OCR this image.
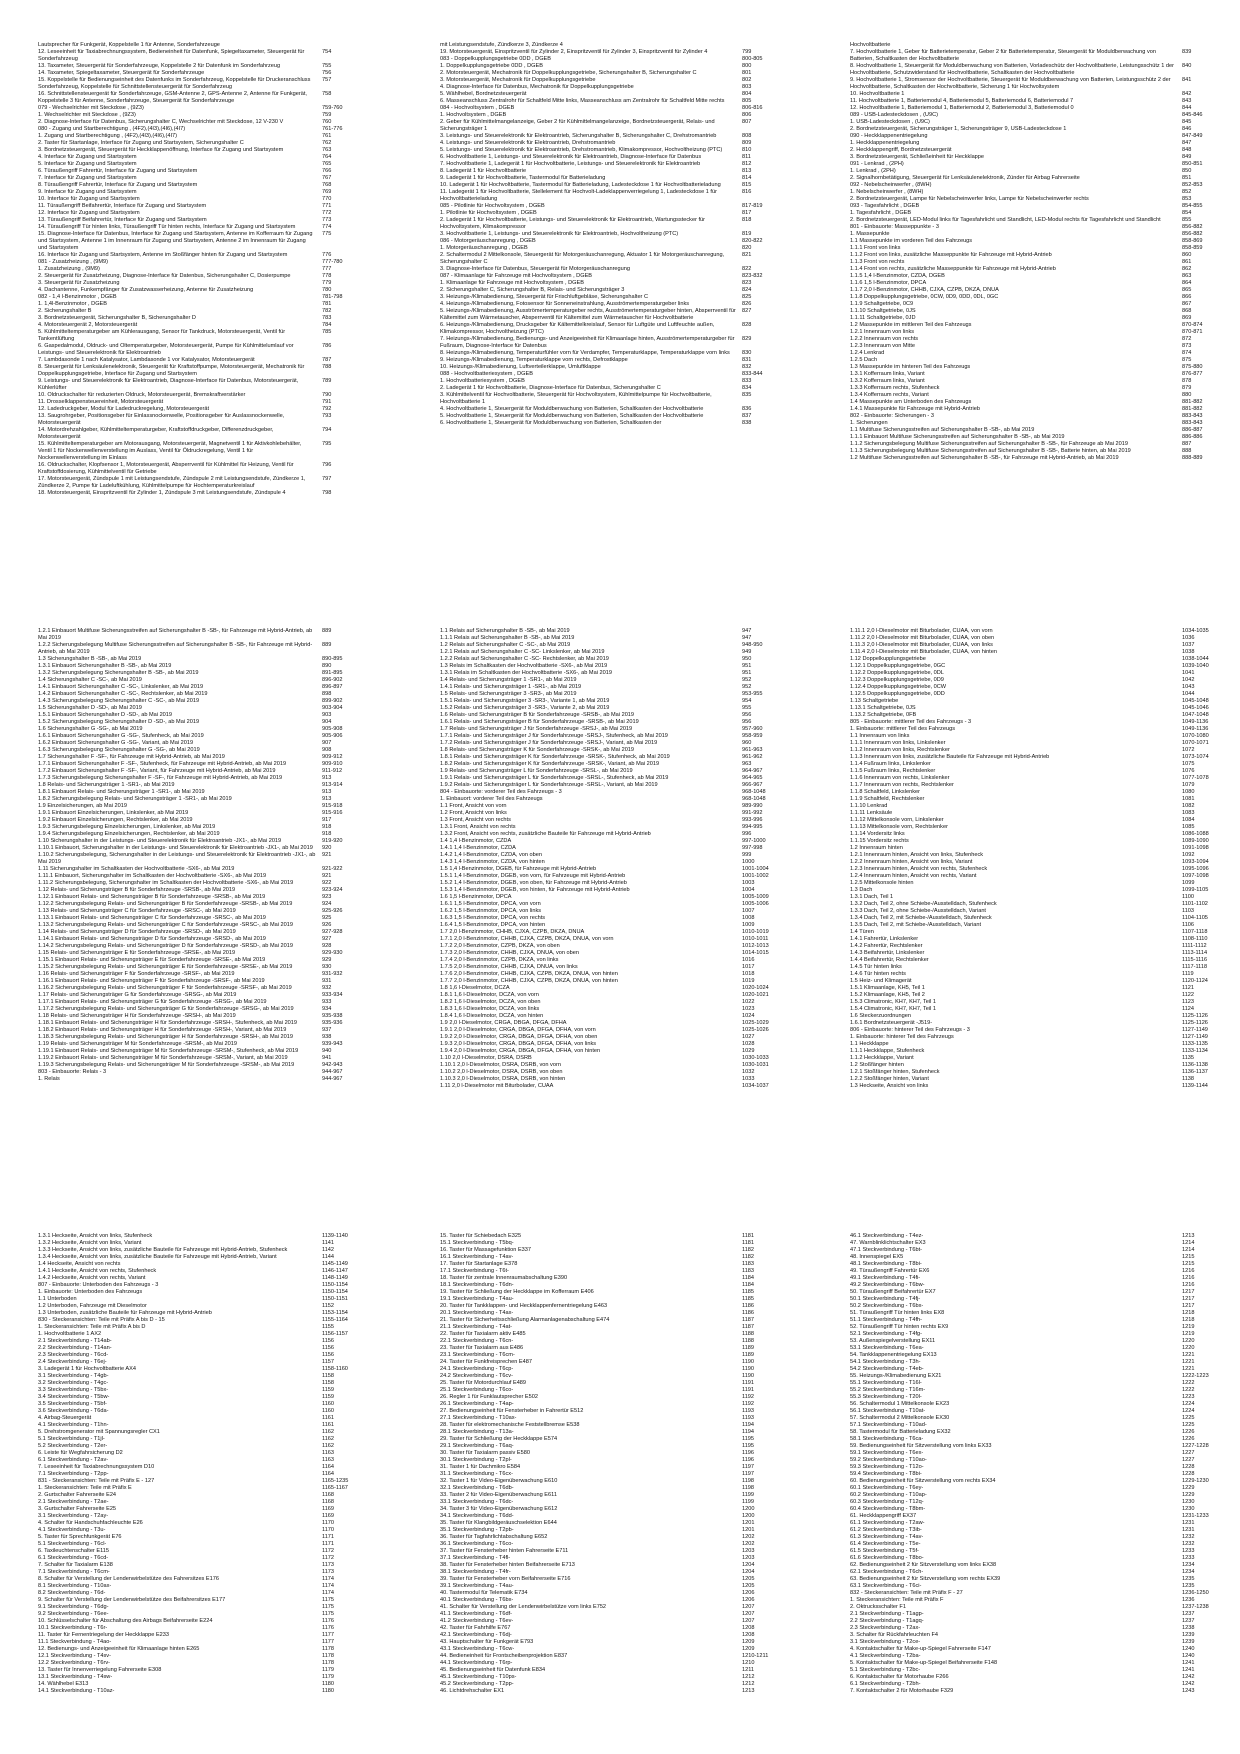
Lautsprecher für Funkgerät, Koppelstelle 1 für Antenne, Sonderfahrzeuge
12. Leseeinheit für Taxiabrechnungssystem, Bedieneinheit für Datenfunk, Spiegeltaxameter, Steuergerät für Sonderfahrzeug
754
13. Taxameter, Steuergerät für Sonderfahrzeuge, Koppelstelle 2 für Datenfunk im Sonderfahrzeug	755
14. Taxameter, Spiegeltaxameter, Steuergerät für Sonderfahrzeuge	756
15. Koppelstelle für Bedienungseinheit des Datenfunks im Sonderfahrzeug, Koppelstelle für Druckeranschluss Sonderfahrzeug, Koppelstelle für Schnittstellensteuergerät für Sonderfahrzeug
757
16. Schnittstellensteuergerät für Sonderfahrzeuge, GSM-Antenne 2, GPS-Antenne 2, Antenne für Funkgerät, Koppelstelle 3 für Antenne, Sonderfahrzeuge, Steuergerät für Sonderfahrzeuge
758
079 - Wechselrichter mit Steckdose , (9Z3)	759-760
1. Wechselrichter mit Steckdose , (9Z3)	759
2. Diagnose-Interface für Datenbus, Sicherungshalter C, Wechselrichter mit Steckdose, 12 V-230 V	760
080 - Zugang und Startberechtigung , (4F2),(4I3),(4I6),(4I7)	761-776
1. Zugang und Startberechtigung , (4F2),(4I3),(4I6),(4I7)	761
2. Taster für Startanlage, Interface für Zugang und Startsystem, Sicherungshalter C	762
3. Bordnetzsteuergerät, Steuergerät für Heckklappenöffnung, Interface für Zugang und Startsystem	763
4. Interface für Zugang und Startsystem	764
5. Interface für Zugang und Startsystem	765
6. Türaußengriff Fahrertür, Interface für Zugang und Startsystem	766
7. Interface für Zugang und Startsystem	767
8. Türaußengriff Fahrertür, Interface für Zugang und Startsystem	768
9. Interface für Zugang und Startsystem	769
10. Interface für Zugang und Startsystem	770
11. Türaußengriff Beifahrertür, Interface für Zugang und Startsystem	771
12. Interface für Zugang und Startsystem	772
13. Türaußengriff Beifahrertür, Interface für Zugang und Startsystem	773
14. Türaußengriff Tür hinten links, Türaußengriff Tür hinten rechts, Interface für Zugang und Startsystem	774
15. Diagnose-Interface für Datenbus, Interface für Zugang und Startsystem, Antenne im Kofferraum für Zugang und Startsystem, Antenne 1 im Innenraum für Zugang und Startsystem, Antenne 2 im Innenraum für Zugang und Startsystem
775
16. Interface für Zugang und Startsystem, Antenne im Stoßfänger hinten für Zugang und Startsystem	776
081 - Zusatzheizung , (9M9)	777-780
1. Zusatzheizung , (9M9)	777
2. Steuergerät für Zusatzheizung, Diagnose-Interface für Datenbus, Sicherungshalter C, Dosierpumpe	778
3. Steuergerät für Zusatzheizung	779
4. Dachantenne, Funkempfänger für Zusatzwasserheizung, Antenne für Zusatzheizung	780
082 - 1,4 l-Benzinmotor , DGEB	781-798
1. 1,4l-Benzinmotor , DGEB	781
2. Sicherungshalter B	782
3. Bordnetzsteuergerät, Sicherungshalter B, Sicherungshalter D	783
4. Motorsteuergerät 2, Motorsteuergerät	784
5. Kühlmitteltemperaturgeber am Kühlerausgang, Sensor für Tankdruck, Motorsteuergerät, Ventil für Tankentlüftung
785
6. Gaspedalmodul, Öldruck- und Öltemperaturgeber, Motorsteuergerät, Pumpe für Kühlmittelumlauf vor Leistungs- und Steuerelektronik für Elektroantrieb
786
7. Lambdasonde 1 nach Katalysator, Lambdasonde 1 vor Katalysator, Motorsteuergerät	787
8. Steuergerät für Lenksäulenelektronik, Steuergerät für Kraftstoffpumpe, Motorsteuergerät, Mechatronik für Doppelkupplungsgetriebe, Interface für Zugang und Startsystem
788
9. Leistungs- und Steuerelektronik für Elektroantrieb, Diagnose-Interface für Datenbus, Motorsteuergerät, Kühlerlüfter
789
10. Öldruckschalter für reduzierten Öldruck, Motorsteuergerät, Bremskraftverstärker	790
11. Drosselklappensteuereinheit, Motorsteuergerät	791
12. Ladedruckgeber, Modul für Ladedruckregelung, Motorsteuergerät	792
13. Saugrohrgeber, Positionsgeber für Einlassnockenwelle, Positionsgeber für Auslassnockenwelle, Motorsteuergerät
793
14. Motordrehzahlgeber, Kühlmitteltemperaturgeber, Kraftstoffdruckgeber, Differenzdruckgeber, Motorsteuergerät
794
15. Kühlmitteltemperaturgeber am Motorausgang, Motorsteuergerät, Magnetventil 1 für Aktivkohlebehälter, Ventil 1 für Nockenwellenverstellung im Auslass, Ventil für Öldruckregelung, Ventil 1 für Nockenwellenverstellung im Einlass
795
16. Öldruckschalter, Klopfsensor 1, Motorsteuergerät, Absperrventil für Kühlmittel für Heizung, Ventil für Kraftstoffdosierung, Kühlmittelventil für Getriebe
796
17. Motorsteuergerät, Zündspule 1 mit Leistungsendstufe, Zündspule 2 mit Leistungsendstufe, Zündkerze 1, Zündkerze 2, Pumpe für Ladeluftkühlung, Kühlmittelpumpe für Hochtemperaturkreislauf
797
18. Motorsteuergerät, Einspritzventil für Zylinder 1, Zündspule 3 mit Leistungsendstufe, Zündspule 4	798
mit Leistungsendstufe, Zündkerze 3, Zündkerze 4
19. Motorsteuergerät, Einspritzventil für Zylinder 2, Einspritzventil für Zylinder 3, Einspritzventil für Zylinder 4	799
083 - Doppelkupplungsgetriebe 0DD , DGEB	800-805
1. Doppelkupplungsgetriebe 0DD , DGEB	800
2. Motorsteuergerät, Mechatronik für Doppelkupplungsgetriebe, Sicherungshalter B, Sicherungshalter C	801
3. Motorsteuergerät, Mechatronik für Doppelkupplungsgetriebe	802
4. Diagnose-Interface für Datenbus, Mechatronik für Doppelkupplungsgetriebe	803
5. Wählhebel, Bordnetzsteuergerät	804
6. Masseanschluss Zentralrohr für Schaltfeld Mitte links, Masseanschluss am Zentralrohr für Schaltfeld Mitte rechts	805
084 - Hochvoltsystem , DGEB	806-816
1. Hochvoltsystem , DGEB	806
2. Geber für Kühlmittelmangelanzeige, Geber 2 für Kühlmittelmangelanzeige, Bordnetzsteuergerät, Relais- und Sicherungsträger 1
807
3. Leistungs- und Steuerelektronik für Elektroantrieb, Sicherungshalter B, Sicherungshalter C, Drehstromantrieb	808
4. Leistungs- und Steuerelektronik für Elektroantrieb, Drehstromantrieb	809
5. Leistungs- und Steuerelektronik für Elektroantrieb, Drehstromantrieb, Klimakompressor, Hochvoltheizung (PTC)	810
6. Hochvoltbatterie 1, Leistungs- und Steuerelektronik für Elektroantrieb, Diagnose-Interface für Datenbus	811
7. Hochvoltbatterie 1, Ladegerät 1 für Hochvoltbatterie, Leistungs- und Steuerelektronik für Elektroantrieb	812
8. Ladegerät 1 für Hochvoltbatterie	813
9. Ladegerät 1 für Hochvoltbatterie, Tastermodul für Batterieladung	814
10. Ladegerät 1 für Hochvoltbatterie, Tastermodul für Batterieladung, Ladesteckdose 1 für Hochvoltbatterieladung	815
11. Ladegerät 1 für Hochvoltbatterie, Stellelement für Hochvolt-Ladeklappenverriegelung 1, Ladesteckdose 1 für Hochvoltbatterieladung
816
085 - Pilotlinie für Hochvoltsystem , DGEB	817-819
1. Pilotlinie für Hochvoltsystem , DGEB	817
2. Ladegerät 1 für Hochvoltbatterie, Leistungs- und Steuerelektronik für Elektroantrieb, Wartungsstecker für Hochvoltsystem, Klimakompressor
818
3. Hochvoltbatterie 1, Leistungs- und Steuerelektronik für Elektroantrieb, Hochvoltheizung (PTC)	819
086 - Motorgeräuschanregung , DGEB	820-822
1. Motorgeräuschanregung , DGEB	820
2. Schaltermodul 2 Mittelkonsole, Steuergerät für Motorgeräuschanregung, Aktuator 1 für Motorgeräuschanregung, Sicherungshalter C
821
3. Diagnose-Interface für Datenbus, Steuergerät für Motorgeräuschanregung	822
087 - Klimaanlage für Fahrzeuge mit Hochvoltsystem , DGEB	823-832
1. Klimaanlage für Fahrzeuge mit Hochvoltsystem , DGEB	823
2. Sicherungshalter C, Sicherungshalter B, Relais- und Sicherungsträger 3	824
3. Heizungs-/Klimabedienung, Steuergerät für Frischluftgebläse, Sicherungshalter C	825
4. Heizungs-/Klimabedienung, Fotosensor für Sonneneinstrahlung, Ausströmertemperaturgeber links	826
5. Heizungs-/Klimabedienung, Ausströmertemperaturgeber rechts, Ausströmertemperaturgeber hinten, Absperrventil für Kältemittel zum Wärmetauscher, Absperrventil für Kältemittel zum Wärmetauscher für Hochvoltbatterie
827
6. Heizungs-/Klimabedienung, Drucksgeber für Kältemittelkreislauf, Sensor für Luftgüte und Luftfeuchte außen, Klimakompressor, Hochvoltheizung (PTC)
828
7. Heizungs-/Klimabedienung, Bedienungs- und Anzeigeeinheit für Klimaanlage hinten, Ausströmertemperaturgeber für Fußraum, Diagnose-Interface für Datenbus
829
8. Heizungs-/Klimabedienung, Temperaturfühler vorn für Verdampfer, Temperaturklappe, Temperaturklappe vorn links	830
9. Heizungs-/Klimabedienung, Temperaturklappe vorn rechts, Defrostklappe	831
10. Heizungs-/Klimabedienung, Luftverteilerklappe, Umluftklappe	832
088 - Hochvoltbatteriesystem , DGEB	833-844
1. Hochvoltbatteriesystem , DGEB	833
2. Ladegerät 1 für Hochvoltbatterie, Diagnose-Interface für Datenbus, Sicherungshalter C	834
3. Kühlmittelventil für Hochvoltbatterie, Steuergerät für Hochvoltsystem, Kühlmittelpumpe für Hochvoltbatterie, Hochvoltbatterie 1
835
4. Hochvoltbatterie 1, Steuergerät für Moduldberwachung von Batterien, Schaltkasten der Hochvoltbatterie	836
5. Hochvoltbatterie 1, Steuergerät für Moduldberwachung von Batterien, Schaltkasten der Hochvoltbatterie	837
6. Hochvoltbatterie 1, Steuergerät für Moduldberwachung von Batterien, Schaltkasten der	838
Hochvoltbatterie
7. Hochvoltbatterie 1, Geber für Batterietemperatur, Geber 2 für Batterietemperatur, Steuergerät für Moduldberwachung von Batterien, Schaltkasten der Hochvoltbatterie
839
8. Hochvoltbatterie 1, Steuergerät für Moduldberwachung von Batterien, Vorladeschütz der Hochvoltbatterie, Leistungsschütz 1 der Hochvoltbatterie, Schutzwiderstand für Hochvoltbatterie, Schaltkasten der Hochvoltbatterie
840
9. Hochvoltbatterie 1, Stromsensor der Hochvoltbatterie, Steuergerät für Moduldberwachung von Batterien, Leistungsschütz 2 der Hochvoltbatterie, Schaltkasten der Hochvoltbatterie, Sicherung 1 für Hochvoltsystem
841
10. Hochvoltbatterie 1	842
11. Hochvoltbatterie 1, Batteriemodul 4, Batteriemodul 5, Batteriemodul 6, Batteriemodul 7	843
12. Hochvoltbatterie 1, Batteriemodul 1, Batteriemodul 2, Batteriemodul 3, Batteriemodul 0	844
089 - USB-Ladesteckdosen , (U9C)	845-846
1. USB-Ladesteckdosen , (U9C)	845
2. Bordnetzsteuergerät, Sicherungsträger 1, Sicherungsträger 9, USB-Ladesteckdose 1	846
090 - Heckklappenentriegelung	847-849
1. Heckklappenentriegelung	847
2. Heckklappengriff, Bordnetzsteuergerät	848
3. Bordnetzsteuergerät, Schließeinheit für Heckklappe	849
091 - Lenkrad , (2PH)	850-851
1. Lenkrad , (2PH)	850
2. Signalhornbetätigung, Steuergerät für Lenksäulenelektronik, Zünder für Airbag Fahrerseite	851
092 - Nebelscheinwerfer , (8WH)	852-853
1. Nebelscheinwerfer , (8WH)	852
2. Bordnetzsteuergerät, Lampe für Nebelscheinwerfer links, Lampe für Nebelscheinwerfer rechts	853
093 - Tagesfahrlicht , DGEB	854-855
1. Tagesfahrlicht , DGEB	854
2. Bordnetzsteuergerät, LED-Modul links für Tagesfahrlicht und Standlicht, LED-Modul rechts für Tagesfahrlicht und Standlicht	855
801 - Einbauorte: Masseppunkte - 3	856-882
1. Massepunkte	856-882
1.1 Massepunkte im vorderen Teil des Fahrzeugs	858-869
1.1.1 Front von links	858-859
1.1.2 Front von links, zusätzliche Masseppunkte für Fahrzeuge mit Hybrid-Antrieb	860
1.1.3 Front von rechts	861
1.1.4 Front von rechts, zusätzliche Masseppunkte für Fahrzeuge mit Hybrid-Antrieb	862
1.1.5 1,4 l-Benzinmotor, CZDA, DGEB	863
1.1.6 1,5 l-Benzinmotor, DPCA	864
1.1.7 2,0 l-Benzinmotor, CHHB, CJXA, CZPB, DKZA, DNUA	865
1.1.8 Doppelkupplungsgetriebe, 0CW, 0D9, 0DD, 0DL, 0GC	866
1.1.9 Schaltgetriebe, 0C9	867
1.1.10 Schaltgetriebe, 0JS	868
1.1.11 Schaltgetriebe, 0JD	869
1.2 Massepunkte im mittleren Teil des Fahrzeugs	870-874
1.2.1 Innenraum von links	870-871
1.2.2 Innenraum von rechts	872
1.2.3 Innenraum von Mitte	873
1.2.4 Lenkrad	874
1.2.5 Dach	875
1.3 Massepunkte im hinteren Teil des Fahrzeugs	875-880
1.3.1 Kofferraum links, Variant	876-877
1.3.2 Kofferraum links, Variant	878
1.3.3 Kofferraum rechts, Stufenheck	879
1.3.4 Kofferraum rechts, Variant	880
1.4 Massepunkte am Unterboden des Fahrzeugs	881-882
1.4.1 Massepunkte für Fahrzeuge mit Hybrid-Antrieb	881-882
802 - Einbauorte: Sicherungen - 3	883-843
1. Sicherungen	883-843
1.1 Multifuse Sicherungsstreifen auf Sicherungshalter B -SB-, ab Mai 2019	886-887
1.1.1 Einbauort Multifuse Sicherungsstreifen auf Sicherungshalter B -SB-, ab Mai 2019	886-886
1.1.2 Sicherungsbelegung Multifuse Sicherungsstreifen auf Sicherungshalter B -SB-, für Fahrzeuge ab Mai 2019	887
1.1.3 Sicherungsbelegung Multifuse Sicherungsstreifen auf Sicherungshalter B -SB-, Batterie hinten, ab Mai 2019	888
1.2 Multifuse Sicherungsstreifen auf Sicherungshalter B -SB-, für Fahrzeuge mit Hybrid-Antrieb, ab Mai 2019	888-889
1.2.1 Einbauort Multifuse Sicherungsstreifen auf Sicherungshalter B -SB-, für Fahrzeuge mit Hybrid-Antrieb, ab Mai 2019
889
1.2.2 Sicherungsbelegung Multifuse Sicherungsstreifen auf Sicherungshalter B -SB-, für Fahrzeuge mit Hybrid-Antrieb, ab Mai 2019
889
1.3 Sicherungshalter B -SB-, ab Mai 2019	890-895
1.3.1 Einbauort Sicherungshalter B -SB-, ab Mai 2019	890
1.3.2 Sicherungsbelegung Sicherungshalter B -SB-, ab Mai 2019	891-895
1.4 Sicherungshalter C -SC-, ab Mai 2019	896-902
1.4.1 Einbauort Sicherungshalter C -SC-, Linkslenker, ab Mai 2019	896-897
1.4.2 Einbauort Sicherungshalter C -SC-, Rechtslenker, ab Mai 2019	898
1.4.3 Sicherungsbelegung Sicherungshalter C -SC-, ab Mai 2019	899-902
1.5 Sicherungshalter D -SD-, ab Mai 2019	903-904
1.5.1 Einbauort Sicherungshalter D -SD-, ab Mai 2019	903
1.5.2 Sicherungsbelegung Sicherungshalter D -SD-, ab Mai 2019	904
1.6 Sicherungshalter G -SG-, ab Mai 2019	905-908
1.6.1 Einbauort Sicherungshalter G -SG-, Stufenheck, ab Mai 2019	905-906
1.6.2 Einbauort Sicherungshalter G -SG-, Variant, ab Mai 2019	907
1.6.3 Sicherungsbelegung Sicherungshalter G -SG-, ab Mai 2019	908
1.7 Sicherungshalter F -SF-, für Fahrzeuge mit Hybrid-Antrieb, ab Mai 2019	909-912
1.7.1 Einbauort Sicherungshalter F -SF-, Stufenheck, für Fahrzeuge mit Hybrid-Antrieb, ab Mai 2019	909-910
1.7.2 Einbauort Sicherungshalter F -SF-, Variant, für Fahrzeuge mit Hybrid-Antrieb, ab Mai 2019	911-912
1.7.3 Sicherungsbelegung Sicherungshalter F -SF-, für Fahrzeuge mit Hybrid-Antrieb, ab Mai 2019	913
1.8 Relais- und Sicherungsträger 1 -SR1-, ab Mai 2019	913-914
1.8.1 Einbauort Relais- und Sicherungsträger 1 -SR1-, ab Mai 2019	913
1.8.2 Sicherungsbelegung Relais- und Sicherungsträger 1 -SR1-, ab Mai 2019	913
1.9 Einzelsicherungen, ab Mai 2019	915-918
1.9.1 Einbauort Einzelsicherungen, Linkslenker, ab Mai 2019	915-916
1.9.2 Einbauort Einzelsicherungen, Rechtslenker, ab Mai 2019	917
1.9.3 Sicherungsbelegung Einzelsicherungen, Linkslenker, ab Mai 2019	918
1.9.4 Sicherungsbelegung Einzelsicherungen, Rechtslenker, ab Mai 2019	918
1.10 Sicherungshalter in der Leistungs- und Steuerelektronik für Elektroantrieb -JX1-, ab Mai 2019	919-920
1.10.1 Einbauort, Sicherungshalter in der Leistungs- und Steuerelektronik für Elektroantrieb -JX1-, ab Mai 2019	920
1.10.2 Sicherungsbelegung, Sicherungshalter in der Leistungs- und Steuerelektronik für Elektroantrieb -JX1-, ab Mai 2019
921
1.11 Sicherungshalter im Schaltkasten der Hochvoltbatterie -SX6-, ab Mai 2019	921-922
1.11.1 Einbauort, Sicherungshalter im Schaltkasten der Hochvoltbatterie -SX6-, ab Mai 2019	921
1.11.2 Sicherungsbelegung, Sicherungshalter im Schaltkasten der Hochvoltbatterie -SX6-, ab Mai 2019	922
1.12 Relais- und Sicherungsträger B für Sonderfahrzeuge -SRSB-, ab Mai 2019	923-924
1.12.1 Einbauort Relais- und Sicherungsträger B für Sonderfahrzeuge -SRSB-, ab Mai 2019	923
1.12.2 Sicherungsbelegung Relais- und Sicherungsträger B für Sonderfahrzeuge -SRSB-, ab Mai 2019	924
1.13 Relais- und Sicherungsträger C für Sonderfahrzeuge -SRSC-, ab Mai 2019	925-926
1.13.1 Einbauort Relais- und Sicherungsträger C für Sonderfahrzeuge -SRSC-, ab Mai 2019	925
1.13.2 Sicherungsbelegung Relais- und Sicherungsträger C für Sonderfahrzeuge -SRSC-, ab Mai 2019	926
1.14 Relais- und Sicherungsträger D für Sonderfahrzeuge -SRSD-, ab Mai 2019	927-928
1.14.1 Einbauort Relais- und Sicherungsträger D für Sonderfahrzeuge -SRSD-, ab Mai 2019	927
1.14.2 Sicherungsbelegung Relais- und Sicherungsträger D für Sonderfahrzeuge -SRSD-, ab Mai 2019	928
1.15 Relais- und Sicherungsträger E für Sonderfahrzeuge -SRSE-, ab Mai 2019	929-930
1.15.1 Einbauort Relais- und Sicherungsträger E für Sonderfahrzeuge -SRSE-, ab Mai 2019	929
1.15.2 Sicherungsbelegung Relais- und Sicherungsträger E für Sonderfahrzeuge -SRSE-, ab Mai 2019	930
1.16 Relais- und Sicherungsträger F für Sonderfahrzeuge -SRSF-, ab Mai 2019	931-932
1.16.1 Einbauort Relais- und Sicherungsträger F für Sonderfahrzeuge -SRSF-, ab Mai 2019	931
1.16.2 Sicherungsbelegung Relais- und Sicherungsträger F für Sonderfahrzeuge -SRSF-, ab Mai 2019	932
1.17 Relais- und Sicherungsträger G für Sonderfahrzeuge -SRSG-, ab Mai 2019	933-934
1.17.1 Einbauort Relais- und Sicherungsträger G für Sonderfahrzeuge -SRSG-, ab Mai 2019	933
1.17.2 Sicherungsbelegung Relais- und Sicherungsträger G für Sonderfahrzeuge -SRSG-, ab Mai 2019	934
1.18 Relais- und Sicherungsträger H für Sonderfahrzeuge -SRSH-, ab Mai 2019	935-938
1.18.1 Einbauort Relais- und Sicherungsträger H für Sonderfahrzeuge -SRSH-, Stufenheck, ab Mai 2019	935-936
1.18.2 Einbauort Relais- und Sicherungsträger H für Sonderfahrzeuge -SRSH-, Variant, ab Mai 2019	937
1.18.3 Sicherungsbelegung Relais- und Sicherungsträger H für Sonderfahrzeuge -SRSH-, ab Mai 2019	938
1.19 Relais- und Sicherungsträger M für Sonderfahrzeuge -SRSM-, ab Mai 2019	939-943
1.19.1 Einbauort Relais- und Sicherungsträger M für Sonderfahrzeuge -SRSM-, Stufenheck, ab Mai 2019	940
1.19.2 Einbauort Relais- und Sicherungsträger M für Sonderfahrzeuge -SRSM-, Variant, ab Mai 2019	941
1.19.3 Sicherungsbelegung Relais- und Sicherungsträger M für Sonderfahrzeuge -SRSM-, ab Mai 2019	942-943
803 - Einbauorte: Relais - 3	944-967
1. Relais	944-967
1.1 Relais auf Sicherungshalter B -SB-, ab Mai 2019	947
1.1.1 Relais auf Sicherungshalter B -SB-, ab Mai 2019	947
1.2 Relais auf Sicherungshalter C -SC-, ab Mai 2019	948-950
1.2.1 Relais auf Sicherungshalter C -SC- Linkslenker, ab Mai 2019	949
1.2.2 Relais auf Sicherungshalter C -SC- Rechtslenker, ab Mai 2019	950
1.3 Relais im Schaltkasten der Hochvoltbatterie -SX6-, ab Mai 2019	951
1.3.1 Relais im Schaltkasten der Hochvoltbatterie -SX6-, ab Mai 2019	951
1.4 Relais- und Sicherungsträger 1 -SR1-, ab Mai 2019	952
1.4.1 Relais- und Sicherungsträger 1 -SR1-, ab Mai 2019	952
1.5 Relais- und Sicherungsträger 3 -SR3-, ab Mai 2019	953-955
1.5.1 Relais- und Sicherungsträger 3 -SR3-, Variante 1, ab Mai 2019	954
1.5.2 Relais- und Sicherungsträger 3 -SR3-, Variante 2, ab Mai 2019	955
1.6 Relais- und Sicherungsträger B für Sonderfahrzeuge -SRSB-, ab Mai 2019	956
1.6.1 Relais- und Sicherungsträger B für Sonderfahrzeuge -SRSB-, ab Mai 2019	956
1.7 Relais- und Sicherungsträger J für Sonderfahrzeuge -SRSJ-, ab Mai 2019	957-960
1.7.1 Relais- und Sicherungsträger J für Sonderfahrzeuge -SRSJ-, Stufenheck, ab Mai 2019	958-959
1.7.2 Relais- und Sicherungsträger J für Sonderfahrzeuge -SRSJ-, Variant, ab Mai 2019	960
1.8 Relais- und Sicherungsträger K für Sonderfahrzeuge -SRSK-, ab Mai 2019	961-963
1.8.1 Relais- und Sicherungsträger K für Sonderfahrzeuge -SRSK-, Stufenheck, ab Mai 2019	961-962
1.8.2 Relais- und Sicherungsträger K für Sonderfahrzeuge -SRSK-, Variant, ab Mai 2019	963
1.9 Relais- und Sicherungsträger L für Sonderfahrzeuge -SRSL-, ab Mai 2019	964-967
1.9.1 Relais- und Sicherungsträger L für Sonderfahrzeuge -SRSL-, Stufenheck, ab Mai 2019	964-965
1.9.2 Relais- und Sicherungsträger L für Sonderfahrzeuge -SRSL-, Variant, ab Mai 2019	966-967
804 - Einbauorte: vorderer Teil des Fahrzeugs - 3	968-1048
1. Einbauort: vorderer Teil des Fahrzeugs	968-1048
1.1 Front, Ansicht von vorn	989-990
1.2 Front, Ansicht von links	991-992
1.3 Front, Ansicht von rechts	993-996
1.3.1 Front, Ansicht von rechts	994-995
1.3.2 Front, Ansicht von rechts, zusätzliche Bauteile für Fahrzeuge mit Hybrid-Antrieb	996
1.4 1,4 l-Benzinmotor, CZDA	997-1000
1.4.1 1,4 l-Benzinmotor, CZDA	997-998
1.4.2 1,4 l-Benzinmotor, CZDA, von oben	999
1.4.3 1,4 l-Benzinmotor, CZDA, von hinten	1000
1.5 1,4 l-Benzinmotor, DGEB, für Fahrzeuge mit Hybrid-Antrieb	1001-1004
1.5.1 1,4 l-Benzinmotor, DGEB, von vorn, für Fahrzeuge mit Hybrid-Antrieb	1001-1002
1.5.2 1,4 l-Benzinmotor, DGEB, von oben, für Fahrzeuge mit Hybrid-Antrieb	1003
1.5.3 1,4 l-Benzinmotor, DGEB, von hinten, für Fahrzeuge mit Hybrid-Antrieb	1004
1.6 1,5 l-Benzinmotor, DPCA	1005-1009
1.6.1 1,5 l-Benzinmotor, DPCA, von vorn	1005-1006
1.6.2 1,5 l-Benzinmotor, DPCA, von links	1007
1.6.3 1,5 l-Benzinmotor, DPCA, von rechts	1008
1.6.4 1,5 l-Benzinmotor, DPCA, von hinten	1009
1.7 2,0 l-Benzinmotor, CHHB, CJXA, CZPB, DKZA, DNUA	1010-1019
1.7.1 2,0 l-Benzinmotor, CHHB, CJXA, CZPB, DKZA, DNUA, von vorn	1010-1011
1.7.2 2,0 l-Benzinmotor, CZPB, DKZA, von oben	1012-1013
1.7.3 2,0 l-Benzinmotor, CHHB, CJXA, DNUA, von oben	1014-1015
1.7.4 2,0 l-Benzinmotor, CZPB, DKZA, von links	1016
1.7.5 2,0 l-Benzinmotor, CHHB, CJXA, DNUA, von links	1017
1.7.6 2,0 l-Benzinmotor, CHHB, CJXA, CZPB, DKZA, DNUA, von hinten	1018
1.7.7 2,0 l-Benzinmotor, CHHB, CJXA, CZPB, DKZA, DNUA, von hinten	1019
1.8 1,6 l-Dieselmotor, DCZA	1020-1024
1.8.1 1,6 l-Dieselmotor, DCZA, von vorn	1020-1021
1.8.2 1,6 l-Dieselmotor, DCZA, von oben	1022
1.8.3 1,6 l-Dieselmotor, DCZA, von links	1023
1.8.4 1,6 l-Dieselmotor, DCZA, von hinten	1024
1.9 2,0 l-Dieselmotor, CRGA, DBGA, DFGA, DFHA	1025-1029
1.9.1 2,0 l-Dieselmotor, CRGA, DBGA, DFGA, DFHA, von vorn	1025-1026
1.9.2 2,0 l-Dieselmotor, CRGA, DBGA, DFGA, DFHA, von oben	1027
1.9.3 2,0 l-Dieselmotor, CRGA, DBGA, DFGA, DFHA, von links	1028
1.9.4 2,0 l-Dieselmotor, CRGA, DBGA, DFGA, DFHA, von hinten	1029
1.10 2,0 l-Dieselmotor, DSRA, DSRB	1030-1033
1.10.1 2,0 l-Dieselmotor, DSRA, DSRB, von vorn	1030-1031
1.10.2 2,0 l-Dieselmotor, DSRA, DSRB, von oben	1032
1.10.3 2,0 l-Dieselmotor, DSRA, DSRB, von hinten	1033
1.11 2,0 l-Dieselmotor mit Biturbolader, CUAA	1034-1037
1.11.1 2,0 l-Dieselmotor mit Biturbolader, CUAA, von vorn	1034-1035
1.11.2 2,0 l-Dieselmotor mit Biturbolader, CUAA, von oben	1036
1.11.3 2,0 l-Dieselmotor mit Biturbolader, CUAA, von links	1037
1.11.4 2,0 l-Dieselmotor mit Biturbolader, CUAA, von hinten	1038
1.12 Doppelkupplungsgetriebe	1038-1044
1.12.1 Doppelkupplungsgetriebe, 0GC	1039-1040
1.12.2 Doppelkupplungsgetriebe, 0DL	1041
1.12.3 Doppelkupplungsgetriebe, 0D9	1042
1.12.4 Doppelkupplungsgetriebe, 0CW	1043
1.12.5 Doppelkupplungsgetriebe, 0DD	1044
1.13 Schaltgetriebe	1045-1048
1.13.1 Schaltgetriebe, 0JS	1045-1046
1.13.2 Schaltgetriebe, 0FB	1047-1048
805 - Einbauorte: mittlerer Teil des Fahrzeugs - 3	1049-1136
1. Einbauorte: mittlerer Teil des Fahrzeugs	1049-1136
1.1 Innenraum von links	1070-1080
1.1.1 Innenraum von links, Linkslenker	1070-1071
1.1.2 Innenraum von links, Rechtslenker	1072
1.1.3 Innenraum von links, zusätzliche Bauteile für Fahrzeuge mit Hybrid-Antrieb	1073-1074
1.1.4 Fußraum links, Linkslenker	1075
1.1.5 Fußraum links, Rechtslenker	1076
1.1.6 Innenraum von rechts, Linkslenker	1077-1078
1.1.7 Innenraum von rechts, Rechtslenker	1079
1.1.8 Schaltfeld, Linkslenker	1080
1.1.9 Schaltfeld, Rechtslenker	1081
1.1.10 Lenkrad	1082
1.1.11 Lenksäule	1083
1.1.12 Mittelkonsole vorn, Linkslenker	1084
1.1.13 Mittelkonsole vorn, Rechtslenker	1085
1.1.14 Vordersitz links	1086-1088
1.1.15 Vordersitz rechts	1089-1090
1.2 Innenraum hinten	1091-1098
1.2.1 Innenraum hinten, Ansicht von links, Stufenheck	1092
1.2.2 Innenraum hinten, Ansicht von links, Variant	1093-1094
1.2.3 Innenraum hinten, Ansicht von rechts, Stufenheck	1095-1096
1.2.4 Innenraum hinten, Ansicht von rechts, Variant	1097-1098
1.2.5 Mittelkonsole hinten	1099
1.3 Dach	1099-1105
1.3.1 Dach, Teil 1	1100
1.3.2 Dach, Teil 2, ohne Schiebe-/Ausstelldach, Stufenheck	1101-1102
1.3.3 Dach, Teil 2, ohne Schiebe-/Ausstelldach, Variant	1103
1.3.4 Dach, Teil 2, mit Schiebe-/Ausstelldach, Stufenheck	1104-1105
1.3.5 Dach, Teil 2, mit Schiebe-/Ausstelldach, Variant	1106
1.4 Türen	1107-1118
1.4.1 Fahrertür, Linkslenker	1108-1110
1.4.2 Fahrertür, Rechtslenker	1111-1112
1.4.3 Beifahrertür, Linkslenker	1113-1114
1.4.4 Beifahrertür, Rechtslenker	1115-1116
1.4.5 Tür hinten links	1117-1118
1.4.6 Tür hinten rechts	1119
1.5 Heiz- und Klimagerät	1120-1124
1.5.1 Klimaanlage, KH5, Teil 1	1121
1.5.2 Klimaanlage, KH5, Teil 2	1122
1.5.3 Climatronic, KH7, KH7, Teil 1	1123
1.5.4 Climatronic, KH7, KH7, Teil 1	1124
1.6 Steckerzuordnungen	1125-1126
1.6.1 Bordnetzsteuergerät -J519-	1125-1126
806 - Einbauorte: hinterer Teil des Fahrzeugs - 3	1127-1149
1. Einbauorte: hinterer Teil des Fahrzeugs	1127-1149
1.1 Heckklappe	1133-1135
1.1.1 Heckklappe, Stufenheck	1133-1134
1.1.2 Heckklappe, Variant	1135
1.2 Stoßfänger hinten	1136-1138
1.2.1 Stoßfänger hinten, Stufenheck	1136-1137
1.2.2 Stoßfänger hinten, Variant	1138
1.3 Heckseite, Ansicht von links	1139-1144
1.3.1 Heckseite, Ansicht von links, Stufenheck	1139-1140
1.3.2 Heckseite, Ansicht von links, Variant	1141
1.3.3 Heckseite, Ansicht von links, zusätzliche Bauteile für Fahrzeuge mit Hybrid-Antrieb, Stufenheck	1142
1.3.4 Heckseite, Ansicht von links, zusätzliche Bauteile für Fahrzeuge mit Hybrid-Antrieb, Variant	1144
1.4 Heckseite, Ansicht von rechts	1145-1149
1.4.1 Heckseite, Ansicht von rechts, Stufenheck	1146-1147
1.4.2 Heckseite, Ansicht von rechts, Variant	1148-1149
807 - Einbauorte: Unterboden des Fahrzeugs - 3	1150-1154
1. Einbauorte: Unterboden des Fahrzeugs	1150-1154
1.1 Unterboden	1150-1151
1.2 Unterboden, Fahrzeuge mit Dieselmotor	1152
1.3 Unterboden, zusätzliche Bauteile für Fahrzeuge mit Hybrid-Antrieb	1153-1154
830 - Steckeransichten: Teile mit Präfix A bis D - 15	1155-1164
1. Steckeransichten: Teile mit Präfix A bis D	1155
1. Hochvoltbatterie 1 AX2	1156-1157
2.1 Steckverbindung - T14ab-	1156
2.2 Steckverbindung - T14an-	1156
2.3 Steckverbindung - T6cd-	1156
2.4 Steckverbindung - T6ej-	1157
3. Ladegerät 1 für Hochvoltbatterie AX4	1158-1160
3.1 Steckverbindung - T4gb-	1158
3.2 Steckverbindung - T4gc-	1158
3.3 Steckverbindung - T5bx-	1159
3.4 Steckverbindung - T5bw-	1159
3.5 Steckverbindung - T5bf-	1160
3.6 Steckverbindung - T6da-	1160
4. Airbag-Steuergerät	1161
4.1 Steckverbindung - T1hn-	1161
5. Drehstromgenerator mit Spannungsregler CX1	1162
5.1 Steckverbindung - T1jl-	1162
5.2 Steckverbindung - T2er-	1162
6. Leiste für Wegfahrsicherung D2	1163
6.1 Steckverbindung - T2av-	1163
7. Leseeinheit für Taxiabrechnungssystem D10	1164
7.1 Steckverbindung - T2pp-	1164
831 - Steckeransichten: Teile mit Präfix E - 127	1165-1235
1. Steckeransichten: Teile mit Präfix E	1165-1167
2. Gurtschalter Fahrerseite E24	1168
2.1 Steckverbindung - T2ae-	1168
3. Gurtschalter Fahrerseite E25	1169
3.1 Steckverbindung - T2ay-	1169
4. Schalter für Handschuhfachleuchte E26	1170
4.1 Steckverbindung - T3u-	1170
5. Taster für Sprechfunkgerät E76	1171
5.1 Steckverbindung - T6cl-	1171
6. Taxileuchtenschalter E115	1172
6.1 Steckverbindung - T6cd-	1172
7. Schalter für Taxialarm E138	1173
7.1 Steckverbindung - T6cm-	1173
8. Schalter für Verstellung der Lendenwirbelstütze des Fahrersitzes E176	1174
8.1 Steckverbindung - T10ax-	1174
8.2 Steckverbindung - T6d-	1174
9. Schalter für Verstellung der Lendenwirbelstütze des Beifahrersitzes E177	1175
9.1 Steckverbindung - T6dg-	1175
9.2 Steckverbindung - T6ee-	1175
10. Schlüsselschalter für Abschaltung des Airbags Beifahrerseite E224	1176
10.1 Steckverbindung - T6r-	1176
11. Taster für Fernentriegelung der Heckklappe E233	1177
11.1 Steckverbindung - T4ao-	1177
12. Bedienungs- und Anzeigeeinheit für Klimaanlage hinten E265	1178
12.1 Steckverbindung - T4sv-	1178
12.2 Steckverbindung - T6rv-	1178
13. Taster für Innenverriegelung Fahrerseite E308	1179
13.1 Steckverbindung - T4sw-	1179
14. Wählhebel E313	1180
14.1 Steckverbindung - T10az-	1180
15. Taster für Schiebedach E325	1181
15.1 Steckverbindung - T5bq-	1181
16. Taster für Massagefunktion E337	1182
16.1 Steckverbindung - T4av-	1182
17. Taster für Startanlage E378	1183
17.1 Steckverbindung - T6t-	1183
18. Taster für zentrale Innenraumabschaltung E390	1184
18.1 Steckverbindung - T6dn-	1184
19. Taster für Schließung der Heckklappe im Kofferraum E406	1185
19.1 Steckverbindung - T4au-	1185
20. Taster für Tankklappen- und Heckklappenfernentriegelung E463	1186
20.1 Steckverbindung - T4ax-	1186
21. Taster für Sicherheitsschließung Alarmanlagenabschaltung E474	1187
21.1 Steckverbindung - T4at-	1187
22. Taster für Taxialarm aktiv E485	1188
22.1 Steckverbindung - T6cn-	1188
23. Taster für Taxialarm aus E486	1189
23.1 Steckverbindung - T6cm-	1189
24. Taster für Funkfreisprechen E487	1190
24.1 Steckverbindung - T6cp-	1190
24.2 Steckverbindung - T6cv-	1190
25. Taster für Motordurchlauf E489	1191
25.1 Steckverbindung - T6co-	1191
26. Regler 1 für Funklautsprecher E502	1192
26.1 Steckverbindung - T4ap-	1192
27. Bedienungseinheit für Fensterheber in Fahrertür E512	1193
27.1 Steckverbindung - T10ax-	1193
28. Taster für elektromechanische Feststellbremse E538	1194
28.1 Steckverbindung - T13a-	1194
29. Taster für Schließung der Heckklappe E574	1195
29.1 Steckverbindung - T6aq-	1195
30. Taster für Taxialarm passiv E580	1196
30.1 Steckverbindung - T2pl-	1196
31. Taster 1 für Dachmikro E584	1197
31.1 Steckverbindung - T6cx-	1197
32. Taster 1 für Video-Eigenüberwachung E610	1198
32.1 Steckverbindung - T6db-	1198
33. Taster 2 für Video-Eigenüberwachung E611	1199
33.1 Steckverbindung - T6dc-	1199
34. Taster 3 für Video-Eigenüberwachung E612	1200
34.1 Steckverbindung - T6dd-	1200
35. Taster für Klangbildgeräuschselektion E644	1201
35.1 Steckverbindung - T2pb-	1201
36. Taster für Tagfahrlichtabschaltung E652	1202
36.1 Steckverbindung - T6co-	1202
37. Taster für Fensterheber hinten Fahrerseite E711	1203
37.1 Steckverbindung - T4fl-	1203
38. Taster für Fensterheber hinten Beifahrerseite E713	1204
38.1 Steckverbindung - T4fr-	1204
39. Taster für Fensterheber vorn Beifahrerseite E716	1205
39.1 Steckverbindung - T4au-	1205
40. Tastermodul für Telematik E734	1206
40.1 Steckverbindung - T6bx-	1206
41. Schalter für Verstellung der Lendenwirbelstütze vom links E752	1207
41.1 Steckverbindung - T6df-	1207
41.2 Steckverbindung - T6ev-	1207
42. Taster für Fahrhilfe E767	1208
42.1 Steckverbindung - T6dj-	1208
43. Hauptschalter für Funkgerät E793	1209
43.1 Steckverbindung - T6cw-	1209
44. Bedieneinheit für Frontscheibenprojektion E837	1210-1211
44.1 Steckverbindung - T6rp-	1210
45. Bedienungseinheit für Datenfunk E834	1211
45.1 Steckverbindung - T10ps-	1212
45.2 Steckverbindung - T2pp-	1212
46. Lichtdrehschalter EX1	1213
46.1 Steckverbindung - T4ez-	1213
47. Warnblinklichtschalter EX3	1214
47.1 Steckverbindung - T6bt-	1214
48. Innenspiegel EX5	1215
48.1 Steckverbindung - T8bi-	1215
49. Türaußengriff Fahrertür EX6	1216
49.1 Steckverbindung - T4fi-	1216
49.2 Steckverbindung - T6bw-	1216
50. Türaußengriff Beifahrertür EX7	1217
50.1 Steckverbindung - T4fj-	1217
50.2 Steckverbindung - T6bx-	1217
51. Türaußengriff Tür hinten links EX8	1218
51.1 Steckverbindung - T4fh-	1218
52. Türaußengriff Tür hinten rechts EX9	1219
52.1 Steckverbindung - T4fg-	1219
53. Außenspiegelverstellung EX11	1220
53.1 Steckverbindung - T6ea-	1220
54. Tankklappenentriegelung EX13	1221
54.1 Steckverbindung - T3h-	1221
54.2 Steckverbindung - T4eb-	1221
55. Heizungs-/Klimabedienung EX21	1222-1223
55.1 Steckverbindung - T16l-	1222
55.2 Steckverbindung - T16m-	1222
55.3 Steckverbindung - T20l-	1223
56. Schaltermodul 1 Mittelkonsole EX23	1224
56.1 Steckverbindung - T10at-	1224
57. Schaltermodul 2 Mittelkonsole EX30	1225
57.1 Steckverbindung - T10ad-	1225
58. Tastermodul für Batterieladung EX32	1226
58.1 Steckverbindung - T6ca-	1226
59. Bedienungseinheit für Sitzverstellung vom links EX33	1227-1228
59.1 Steckverbindung - T6ex-	1227
59.2 Steckverbindung - T10ao-	1227
59.3 Steckverbindung - T12o-	1228
59.4 Steckverbindung - T8bi-	1228
60. Bedienungseinheit für Sitzverstellung vom rechts EX34	1229-1230
60.1 Steckverbindung - T6ey-	1229
60.2 Steckverbindung - T10ap-	1229
60.3 Steckverbindung - T12q-	1230
60.4 Steckverbindung - T8bm-	1230
61. Heckklappengriff EX37	1231-1233
61.1 Steckverbindung - T2aw-	1231
61.2 Steckverbindung - T3ib-	1231
61.3 Steckverbindung - T4av-	1232
61.4 Steckverbindung - T5e-	1232
61.5 Steckverbindung - T5f-	1233
61.6 Steckverbindung - T8bo-	1233
62. Bedienungseinheit 2 für Sitzverstellung vom links EX38	1234
62.1 Steckverbindung - T6ch-	1234
63. Bedienungseinheit 2 für Sitzverstellung vom rechts EX39	1235
63.1 Steckverbindung - T6ci-	1235
832 - Steckeransichten: Teile mit Präfix F - 27	1236-1250
1. Steckeransichten: Teile mit Präfix F	1236
2. Oktrucksschalter F1	1237-1238
2.1 Steckverbindung - T1agp-	1237
2.2 Steckverbindung - T1agq-	1237
2.3 Steckverbindung - T2ax-	1238
3. Schalter für Rückfahrleuchten F4	1239
3.1 Steckverbindung - T2ce-	1239
4. Kontaktschalter für Make-up-Spiegel Fahrerseite F147	1240
4.1 Steckverbindung - T2ba-	1240
5. Kontaktschalter für Make-up-Spiegel Beifahrerseite F148	1241
5.1 Steckverbindung - T2bc-	1241
6. Kontaktschalter für Motorhaube F266	1242
6.1 Steckverbindung - T2bh-	1242
7. Kontaktschalter 2 für Motorhaube F329	1243
